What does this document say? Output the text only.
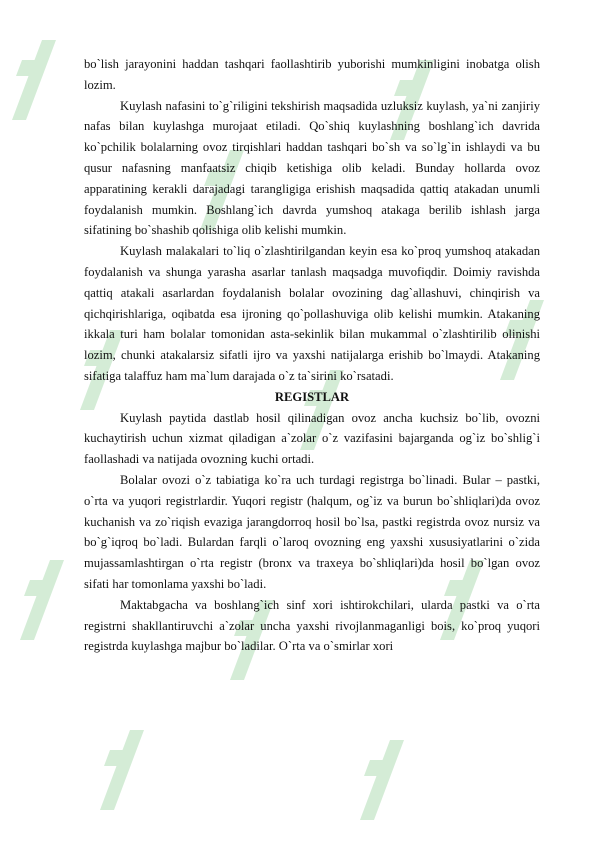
bo`lish jarayonini haddan tashqari faollashtirib yuborishi mumkinligini inobatga olish lozim.

Kuylash nafasini to`g`riligini tekshirish maqsadida uzluksiz kuylash, ya`ni zanjiriy nafas bilan kuylashga murojaat etiladi. Qo`shiq kuylashning boshlang`ich davrida ko`pchilik bolalarning ovoz tirqishlari haddan tashqari bo`sh va so`lg`in ishlaydi va bu qusur nafasning manfaatsiz chiqib ketishiga olib keladi. Bunday hollarda ovoz apparatining kerakli darajadagi tarangligiga erishish maqsadida qattiq atakadan unumli foydalanish mumkin. Boshlang`ich davrda yumshoq atakaga berilib ishlash jarga sifatining bo`shashib qolishiga olib kelishi mumkin.

Kuylash malakalari to`liq o`zlashtirilgandan keyin esa ko`proq yumshoq atakadan foydalanish va shunga yarasha asarlar tanlash maqsadga muvofiqdir. Doimiy ravishda qattiq atakali asarlardan foydalanish bolalar ovozining dag`allashuvi, chinqirish va qichqirishlariga, oqibatda esa ijroning qo`pollashuviga olib kelishi mumkin. Atakaning ikkala turi ham bolalar tomonidan asta-sekinlik bilan mukammal o`zlashtirilib olinishi lozim, chunki atakalarsiz sifatli ijro va yaxshi natijalarga erishib bo`lmaydi. Atakaning sifatiga talaffuz ham ma`lum darajada o`z ta`sirini ko`rsatadi.

REGISTLAR

Kuylash paytida dastlab hosil qilinadigan ovoz ancha kuchsiz bo`lib, ovozni kuchaytirish uchun xizmat qiladigan a`zolar o`z vazifasini bajarganda og`iz bo`shlig`i faollashadi va natijada ovozning kuchi ortadi.

Bolalar ovozi o`z tabiatiga ko`ra uch turdagi registrga bo`linadi. Bular – pastki, o`rta va yuqori registrlardir. Yuqori registr (halqum, og`iz va burun bo`shliqlari)da ovoz kuchanish va zo`riqish evaziga jarangdorroq hosil bo`lsa, pastki registrda ovoz nursiz va bo`g`iqroq bo`ladi. Bulardan farqli o`laroq ovozning eng yaxshi xususiyatlarini o`zida mujassamlashtirgan o`rta registr (bronx va traxeya bo`shliqlari)da hosil bo`lgan ovoz sifati har tomonlama yaxshi bo`ladi.

Maktabgacha va boshlang`ich sinf xori ishtirokchilari, ularda pastki va o`rta registrni shakllantiruvchi a`zolar uncha yaxshi rivojlanmaganligi bois, ko`proq yuqori registrda kuylashga majbur bo`ladilar. O`rta va o`smirlar xori
